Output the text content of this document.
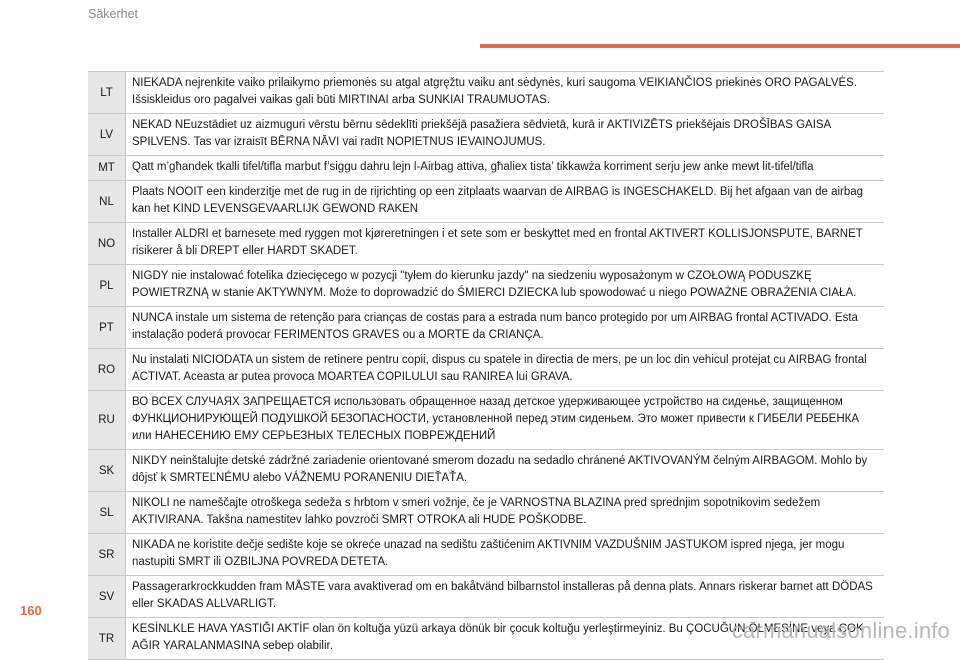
Säkerhet
LT
NIEKADA nejrenkite vaiko prilaikymo priemonės su atgal atgręžtu vaiku ant sėdynės, kuri saugoma VEIKIANČIOS priekinės ORO PAGALVĖS. Išsiskleidus oro pagalvei vaikas gali būti MIRTINAI arba SUNKIAI TRAUMUOTAS.
LV
NEKAD NEuzstādiet uz aizmuguri vērstu bērnu sēdeklīti priekšējā pasažiera sēdvietā, kurā ir AKTIVIZĒTS priekšējais DROŠĪBAS GAISA SPILVENS. Tas var izraisīt BĒRNA NĀVI vai radīt NOPIETNUS IEVAINOJUMUS.
MT	Qatt m’għandek tkalli tifel/tifla marbut f’siggu dahru lejn l-Airbag attiva, għaliex tista’ tikkawża korriment serju jew anke mewt lit-tifel/tifla
NL
Plaats NOOIT een kinderzitje met de rug in de rijrichting op een zitplaats waarvan de AIRBAG is INGESCHAKELD. Bij het afgaan van de airbag kan het KIND LEVENSGEVAARLIJK GEWOND RAKEN
NO
Installer ALDRI et barnesete med ryggen mot kjøreretningen i et sete som er beskyttet med en frontal AKTIVERT KOLLISJONSPUTE, BARNET risikerer å bli DREPT eller HARDT SKADET.
PL
NIGDY nie instalować fotelika dziecięcego w pozycji "tyłem do kierunku jazdy" na siedzeniu wyposażonym w CZOŁOWĄ PODUSZKĘ POWIETRZNĄ w stanie AKTYWNYM. Może to doprowadzić do ŚMIERCI DZIECKA lub spowodować u niego POWAŻNE OBRAŻENIA CIAŁA.
PT
NUNCA instale um sistema de retenção para crianças de costas para a estrada num banco protegido por um AIRBAG frontal ACTIVADO. Esta instalação poderá provocar FERIMENTOS GRAVES ou a MORTE da CRIANÇA.
RO
Nu instalati NICIODATA un sistem de retinere pentru copii, dispus cu spatele in directia de mers, pe un loc din vehicul protejat cu AIRBAG frontal ACTIVAT. Aceasta ar putea provoca MOARTEA COPILULUI sau RANIREA lui GRAVA.
RU
ВО ВСЕХ СЛУЧАЯХ ЗАПРЕЩАЕТСЯ использовать обращенное назад детское удерживающее устройство на сиденье, защищенном ФУНКЦИОНИРУЮЩЕЙ ПОДУШКОЙ БЕЗОПАСНОСТИ, установленной перед этим сиденьем. Это может привести к ГИБЕЛИ РЕБЕНКА или НАНЕСЕНИЮ ЕМУ СЕРЬЕЗНЫХ ТЕЛЕСНЫХ ПОВРЕЖДЕНИЙ
SK
NIKDY neinštalujte detské zádržné zariadenie orientované smerom dozadu na sedadlo chránené AKTIVOVANÝM čelným AIRBAGOM. Mohlo by dôjsť k SMRTEĽNÉMU alebo VÁŽNEMU PORANENIU DIEŤAŤA.
SL
NIKOLI ne nameščajte otroškega sedeža s hrbtom v smeri vožnje, če je VARNOSTNA BLAZINA pred sprednjim sopotnikovim sedežem AKTIVIRANA. Takšna namestitev lahko povzroči SMRT OTROKA ali HUDE POŠKODBE.
SR
NIKADA ne koristite dečje sedište koje se okreće unazad na sedištu zaštićenim AKTIVNIM VAZDUŠNIM JASTUKOM ispred njega, jer mogu nastupiti SMRT ili OZBILJNA POVREDA DETETA.
SV
Passagerarkrockkudden fram MÅSTE vara avaktiverad om en bakåtvänd bilbarnstol installeras på denna plats. Annars riskerar barnet att DÖDAS eller SKADAS ALLVARLIGT.
TR
KESİNLKLE HAVA YASTIĞI AKTİF olan ön koltuğa yüzü arkaya dönük bir çocuk koltuğu yerleştirmeyiniz. Bu ÇOCUĞUN ÖLMESİNE veya ÇOK AĞIR YARALANMASINA sebep olabilir.
160
carmanualsonline.info
